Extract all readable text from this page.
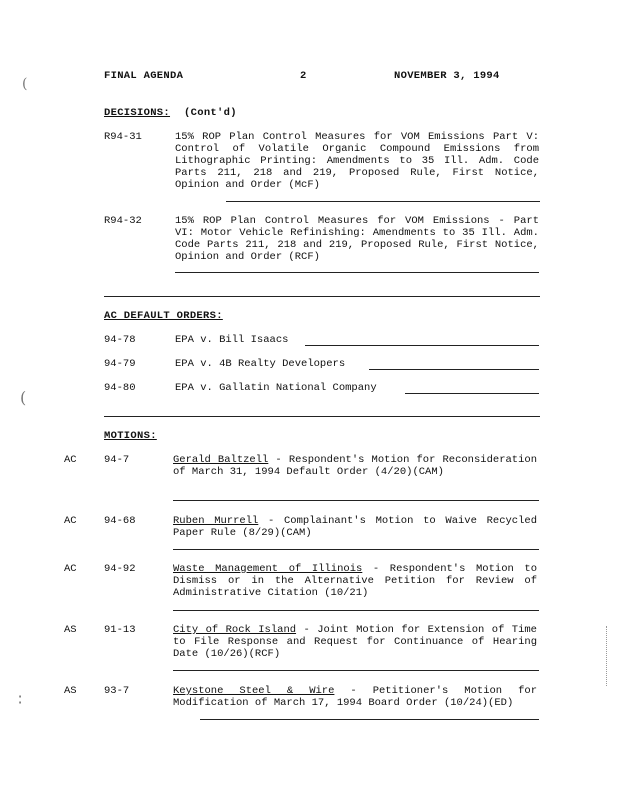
(
(
∶
FINAL AGENDA	2	NOVEMBER 3, 1994
DECISIONS: (Cont'd)
R94-31	15% ROP Plan Control Measures for VOM Emissions Part V: Control of Volatile Organic Compound Emissions from Lithographic Printing: Amendments to 35 Ill. Adm. Code Parts 211, 218 and 219, Proposed Rule, First Notice, Opinion and Order (McF)
R94-32	15% ROP Plan Control Measures for VOM Emissions - Part VI: Motor Vehicle Refinishing: Amendments to 35 Ill. Adm. Code Parts 211, 218 and 219, Proposed Rule, First Notice, Opinion and Order (RCF)
AC DEFAULT ORDERS:
94-78	EPA v. Bill Isaacs
94-79	EPA v. 4B Realty Developers
94-80	EPA v. Gallatin National Company
MOTIONS:
AC	94-7	Gerald Baltzell - Respondent's Motion for Reconsideration of March 31, 1994 Default Order (4/20)(CAM)
AC	94-68	Ruben Murrell - Complainant's Motion to Waive Recycled Paper Rule (8/29)(CAM)
AC	94-92	Waste Management of Illinois - Respondent's Motion to Dismiss or in the Alternative Petition for Review of Administrative Citation (10/21)
AS	91-13	City of Rock Island - Joint Motion for Extension of Time to File Response and Request for Continuance of Hearing Date (10/26)(RCF)
AS	93-7	Keystone Steel & Wire - Petitioner's Motion for Modification of March 17, 1994 Board Order (10/24)(ED)
